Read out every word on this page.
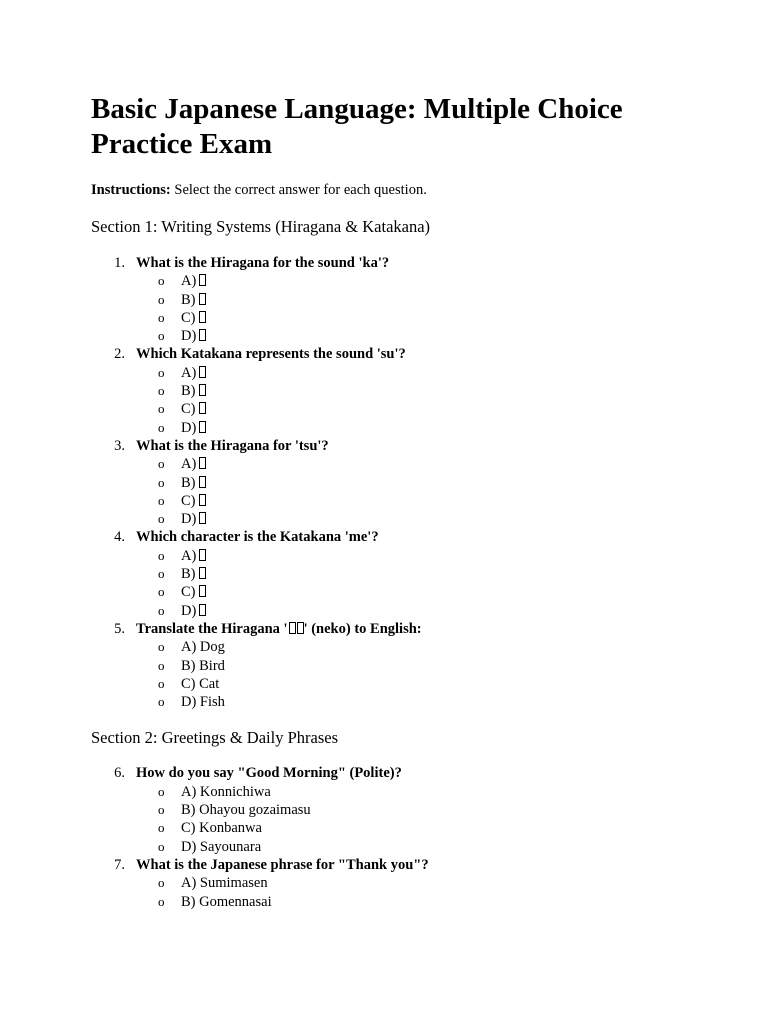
Basic Japanese Language: Multiple Choice Practice Exam
Instructions: Select the correct answer for each question.
Section 1: Writing Systems (Hiragana & Katakana)
1. What is the Hiragana for the sound 'ka'?
o A)
o B)
o C)
o D)
2. Which Katakana represents the sound 'su'?
o A)
o B)
o C)
o D)
3. What is the Hiragana for 'tsu'?
o A)
o B)
o C)
o D)
4. Which character is the Katakana 'me'?
o A)
o B)
o C)
o D)
5. Translate the Hiragana ' ' (neko) to English:
o A) Dog
o B) Bird
o C) Cat
o D) Fish
Section 2: Greetings & Daily Phrases
6. How do you say "Good Morning" (Polite)?
o A) Konnichiwa
o B) Ohayou gozaimasu
o C) Konbanwa
o D) Sayounara
7. What is the Japanese phrase for "Thank you"?
o A) Sumimasen
o B) Gomennasai
